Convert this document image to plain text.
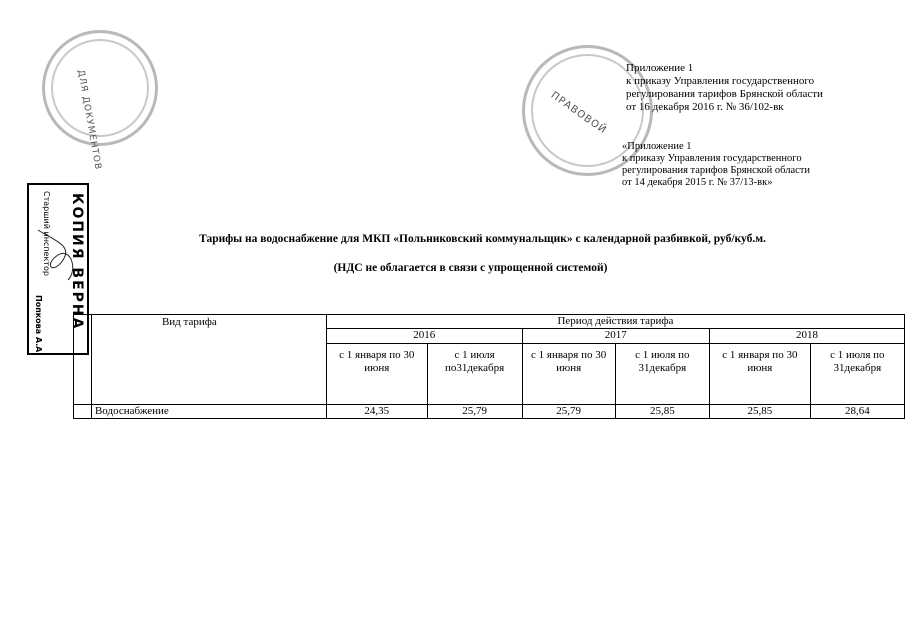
ДЛЯ ДОКУМЕНТОВ	ПРАВОВОЙ
КОПИЯ ВЕРНА
Старший инспектор
Попкова А.А.
Приложение 1
к приказу Управления государственного
регулирования тарифов Брянской области
от 16 декабря 2016 г. № 36/102-вк
«Приложение 1
к приказу Управления государственного
регулирования тарифов Брянской области
от 14 декабря 2015 г. № 37/13-вк»
Тарифы на водоснабжение для МКП «Польниковский коммунальщик» с календарной разбивкой, руб/куб.м.
(НДС не облагается в связи с упрощенной системой)
	Вид тарифа	Период действия тарифа					
		2016		2017		2018	
		с 1 января по 30 июня	с 1 июля по31декабря	с 1 января по 30 июня	с 1 июля по 31декабря	с 1 января по 30 июня	с 1 июля по 31декабря
	Водоснабжение	24,35	25,79	25,79	25,85	25,85	28,64
